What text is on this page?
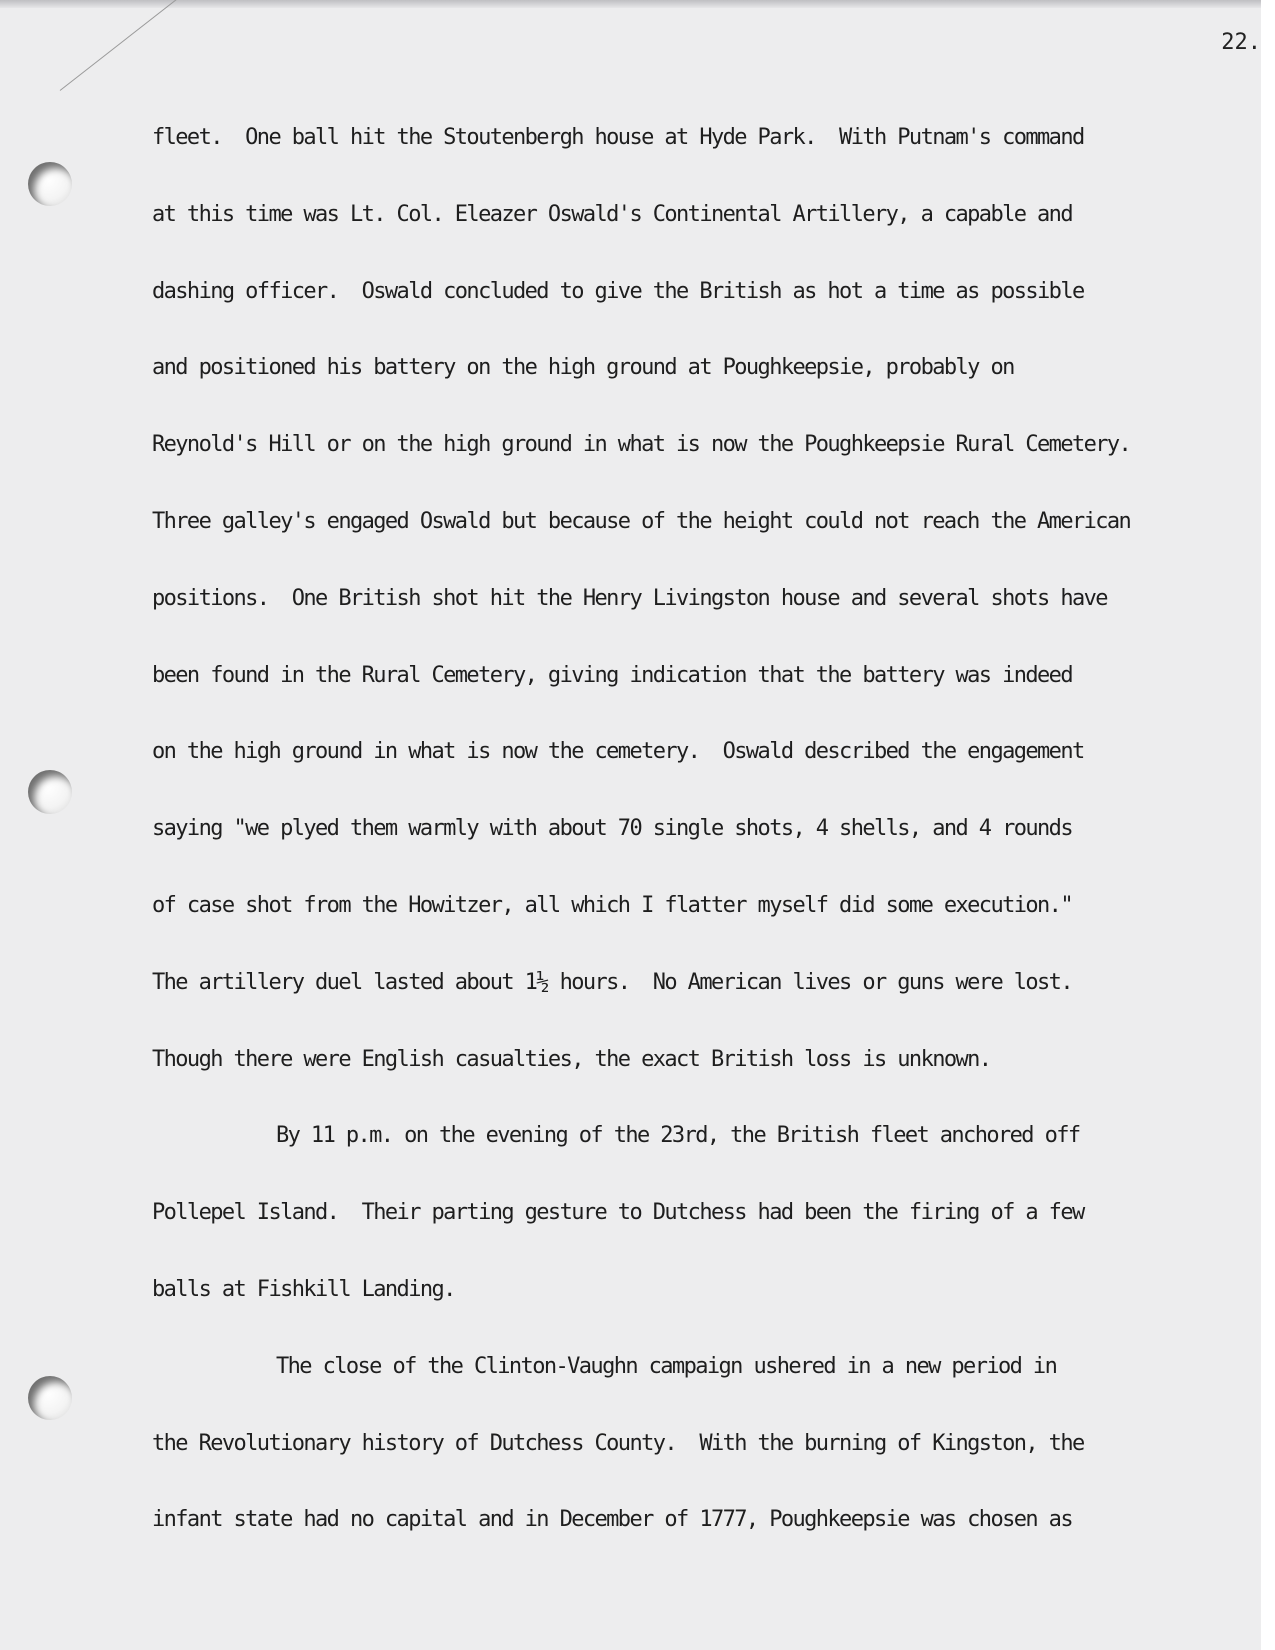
22.
fleet.  One ball hit the Stoutenbergh house at Hyde Park.  With Putnam's command
at this time was Lt. Col. Eleazer Oswald's Continental Artillery, a capable and
dashing officer.  Oswald concluded to give the British as hot a time as possible
and positioned his battery on the high ground at Poughkeepsie, probably on
Reynold's Hill or on the high ground in what is now the Poughkeepsie Rural Cemetery.
Three galley's engaged Oswald but because of the height could not reach the American
positions.  One British shot hit the Henry Livingston house and several shots have
been found in the Rural Cemetery, giving indication that the battery was indeed
on the high ground in what is now the cemetery.  Oswald described the engagement
saying "we plyed them warmly with about 70 single shots, 4 shells, and 4 rounds
of case shot from the Howitzer, all which I flatter myself did some execution."
The artillery duel lasted about 1½ hours.  No American lives or guns were lost.
Though there were English casualties, the exact British loss is unknown.
By 11 p.m. on the evening of the 23rd, the British fleet anchored off
Pollepel Island.  Their parting gesture to Dutchess had been the firing of a few
balls at Fishkill Landing.
The close of the Clinton-Vaughn campaign ushered in a new period in
the Revolutionary history of Dutchess County.  With the burning of Kingston, the
infant state had no capital and in December of 1777, Poughkeepsie was chosen as
